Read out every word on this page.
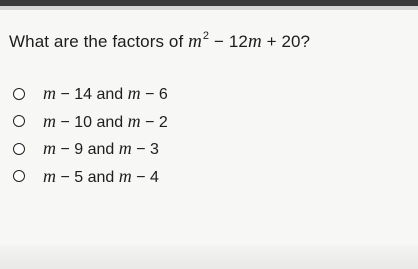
What are the factors of $m^2 - 12m + 20$?
m − 14 and m − 6
m − 10 and m − 2
m − 9 and m − 3
m − 5 and m − 4
